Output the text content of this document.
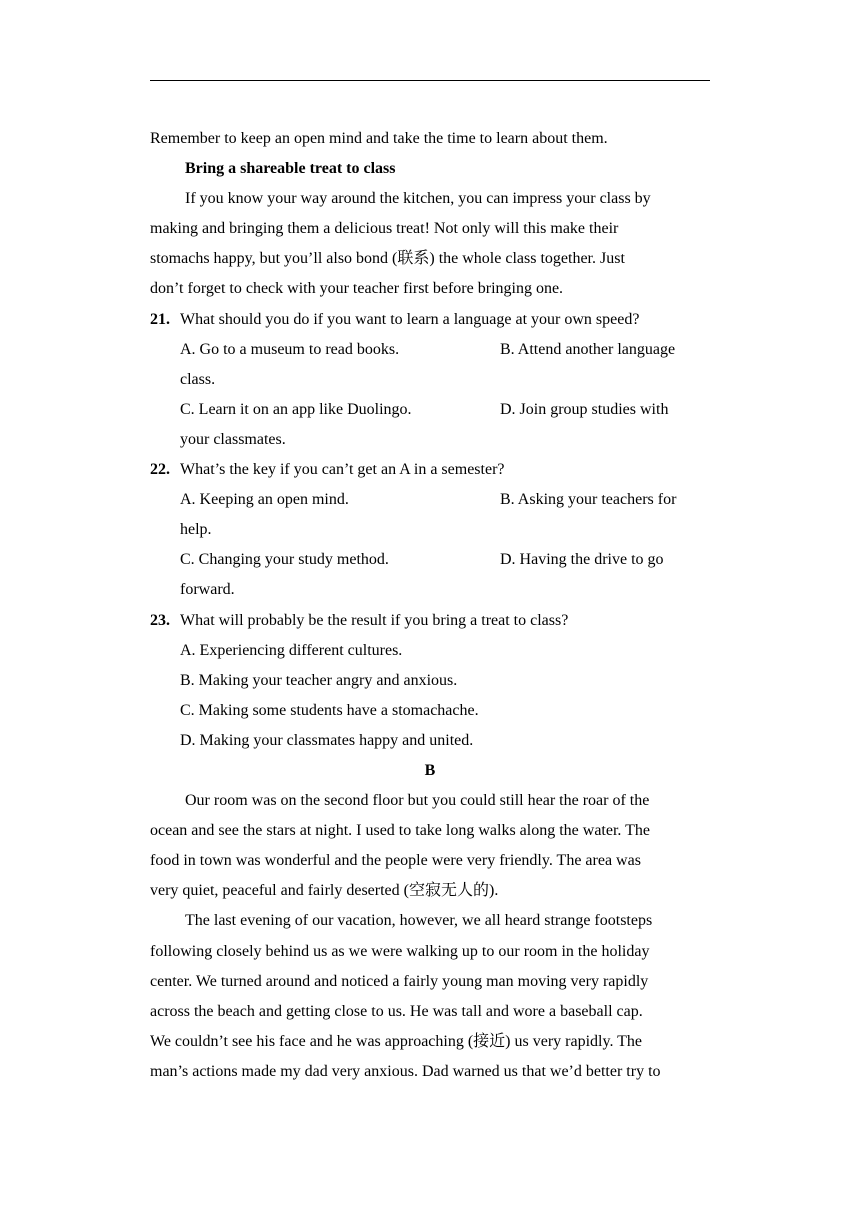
Remember to keep an open mind and take the time to learn about them.
Bring a shareable treat to class
If you know your way around the kitchen, you can impress your class by
making and bringing them a delicious treat! Not only will this make their
stomachs happy, but you’ll also bond (联系) the whole class together. Just
don’t forget to check with your teacher first before bringing one.
21. What should you do if you want to learn a language at your own speed?
A. Go to a museum to read books.	B. Attend another language
class.
C. Learn it on an app like Duolingo.	D. Join group studies with
your classmates.
22. What’s the key if you can’t get an A in a semester?
A. Keeping an open mind.	B. Asking your teachers for
help.
C. Changing your study method.	D. Having the drive to go
forward.
23. What will probably be the result if you bring a treat to class?
A. Experiencing different cultures.
B. Making your teacher angry and anxious.
C. Making some students have a stomachache.
D. Making your classmates happy and united.
B
Our room was on the second floor but you could still hear the roar of the
ocean and see the stars at night. I used to take long walks along the water. The
food in town was wonderful and the people were very friendly. The area was
very quiet, peaceful and fairly deserted (空寂无人的).
The last evening of our vacation, however, we all heard strange footsteps
following closely behind us as we were walking up to our room in the holiday
center. We turned around and noticed a fairly young man moving very rapidly
across the beach and getting close to us. He was tall and wore a baseball cap.
We couldn’t see his face and he was approaching (接近) us very rapidly. The
man’s actions made my dad very anxious. Dad warned us that we’d better try to
